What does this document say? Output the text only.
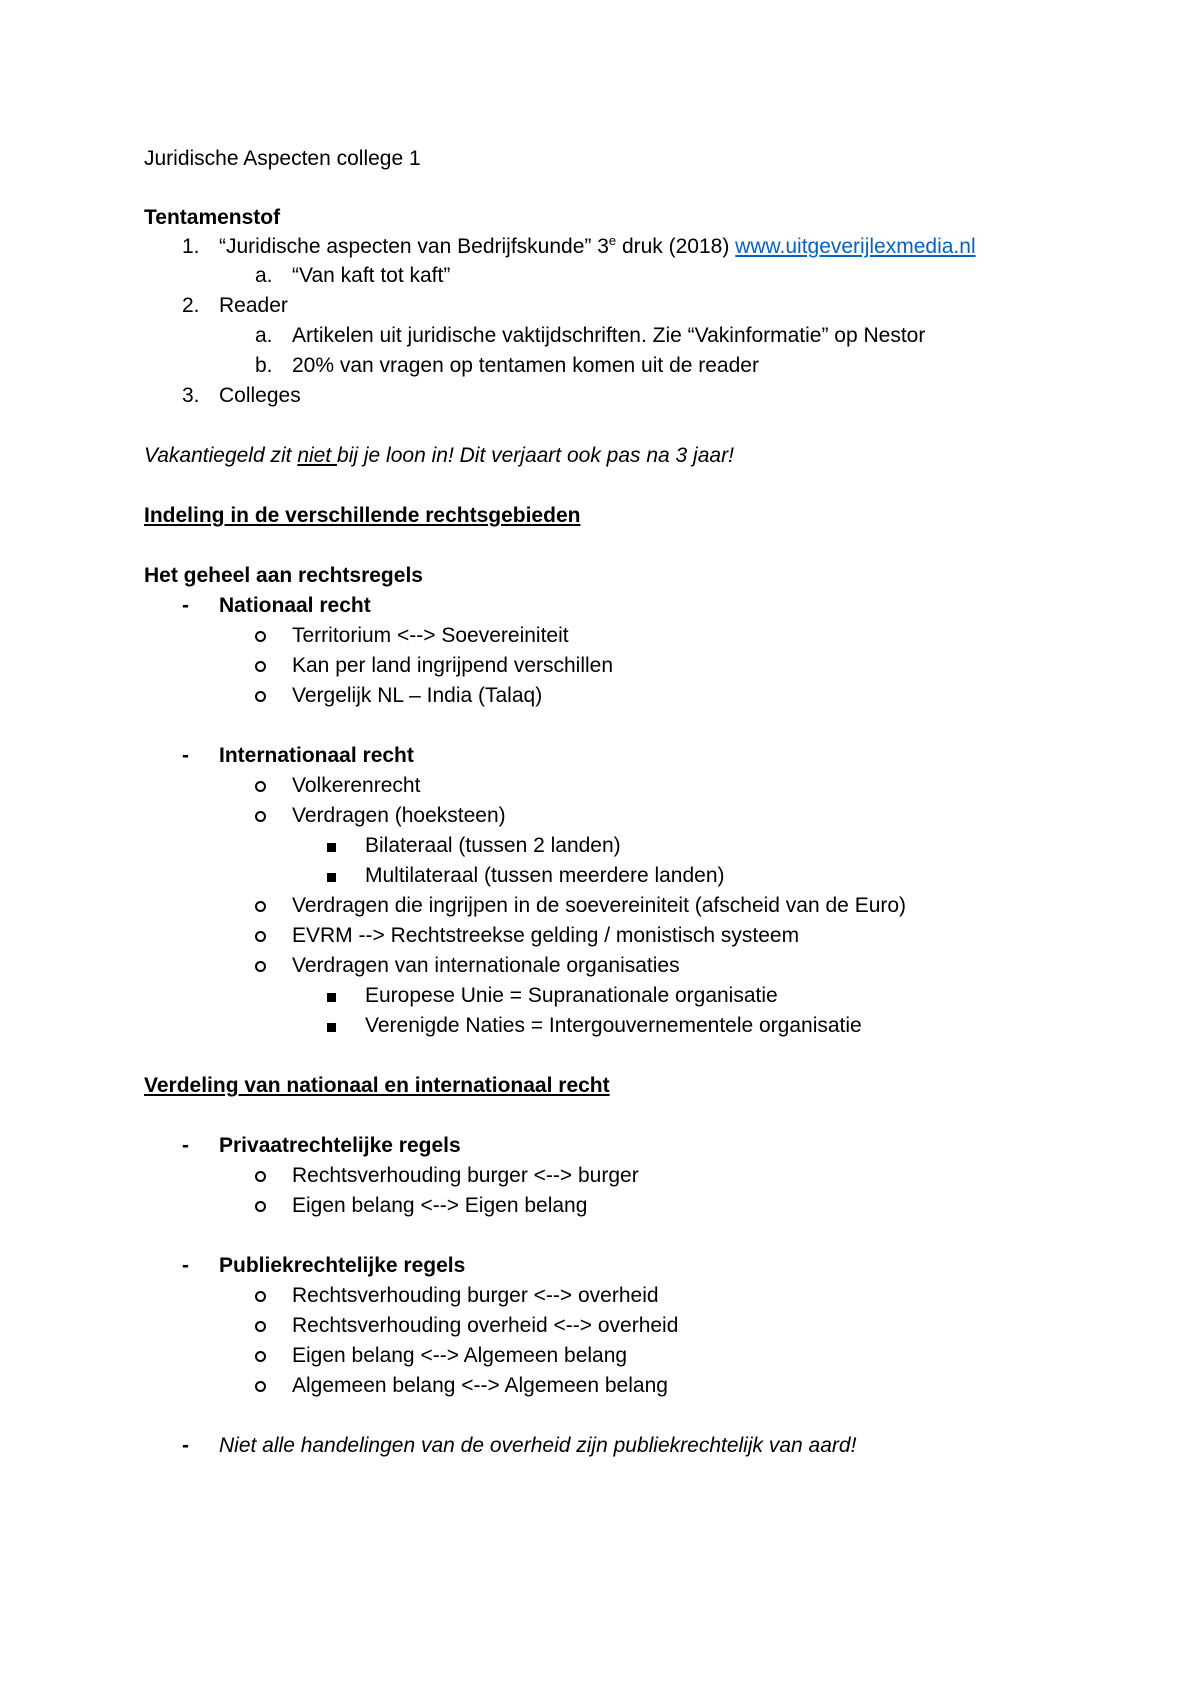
Juridische Aspecten college 1
Tentamenstof
1. “Juridische aspecten van Bedrijfskunde” 3e druk (2018) www.uitgeverijlexmedia.nl
a. “Van kaft tot kaft”
2. Reader
a. Artikelen uit juridische vaktijdschriften. Zie “Vakinformatie” op Nestor
b. 20% van vragen op tentamen komen uit de reader
3. Colleges
Vakantiegeld zit niet bij je loon in! Dit verjaart ook pas na 3 jaar!
Indeling in de verschillende rechtsgebieden
Het geheel aan rechtsregels
- Nationaal recht
Territorium <--> Soevereiniteit
Kan per land ingrijpend verschillen
Vergelijk NL – India (Talaq)
- Internationaal recht
Volkerenrecht
Verdragen (hoeksteen)
Bilateraal (tussen 2 landen)
Multilateraal (tussen meerdere landen)
Verdragen die ingrijpen in de soevereiniteit (afscheid van de Euro)
EVRM --> Rechtstreekse gelding / monistisch systeem
Verdragen van internationale organisaties
Europese Unie = Supranationale organisatie
Verenigde Naties = Intergouvernementele organisatie
Verdeling van nationaal en internationaal recht
- Privaatrechtelijke regels
Rechtsverhouding burger <--> burger
Eigen belang <--> Eigen belang
- Publiekrechtelijke regels
Rechtsverhouding burger <--> overheid
Rechtsverhouding overheid <--> overheid
Eigen belang <--> Algemeen belang
Algemeen belang <--> Algemeen belang
- Niet alle handelingen van de overheid zijn publiekrechtelijk van aard!
